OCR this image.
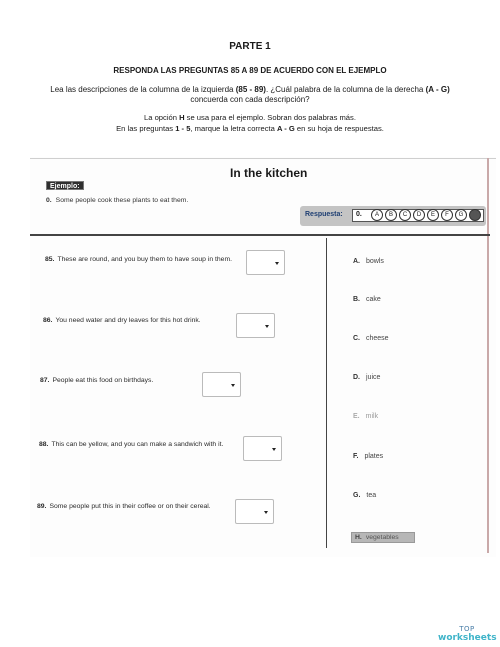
PARTE 1
RESPONDA LAS PREGUNTAS 85 A 89 DE ACUERDO CON EL EJEMPLO
Lea las descripciones de la columna de la izquierda (85 - 89). ¿Cuál palabra de la columna de la derecha (A - G)
concuerda con cada descripción?
La opción H se usa para el ejemplo. Sobran dos palabras más.
En las preguntas 1 - 5, marque la letra correcta A - G en su hoja de respuestas.
In the kitchen
Ejemplo:
0. Some people cook these plants to eat them.
Respuesta: 0.	A	B	C	D	E	F	G	H
85. These are round, and you buy them to have soup in them.
86. You need water and dry leaves for this hot drink.
87. People eat this food on birthdays.
88. This can be yellow, and you can make a sandwich with it.
89. Some people put this in their coffee or on their cereal.
A. bowls
B. cake
C. cheese
D. juice
E. milk
F. plates
G. tea
H. vegetables
TOP
worksheets
